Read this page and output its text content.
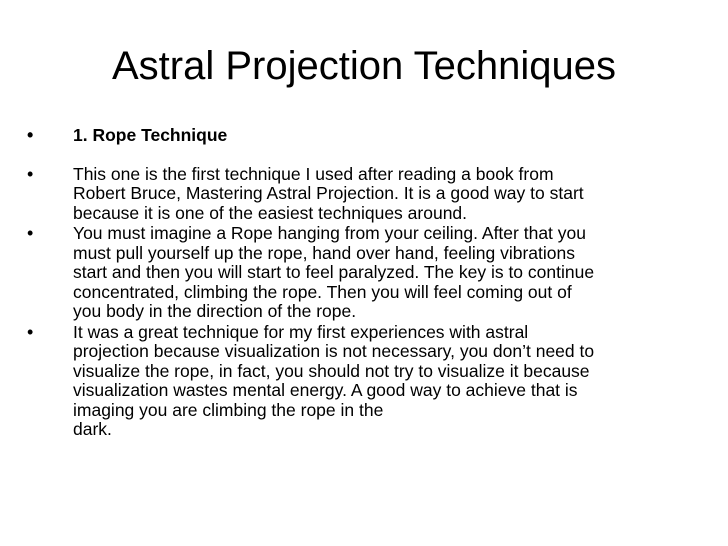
Astral Projection Techniques
• 1. Rope Technique
• This one is the first technique I used after reading a book from
Robert Bruce, Mastering Astral Projection. It is a good way to start
because it is one of the easiest techniques around.
• You must imagine a Rope hanging from your ceiling. After that you
must pull yourself up the rope, hand over hand, feeling vibrations
start and then you will start to feel paralyzed. The key is to continue
concentrated, climbing the rope. Then you will feel coming out of
you body in the direction of the rope.
• It was a great technique for my first experiences with astral
projection because visualization is not necessary, you don’t need to
visualize the rope, in fact, you should not try to visualize it because
visualization wastes mental energy. A good way to achieve that is
imaging you are climbing the rope in the
dark.
